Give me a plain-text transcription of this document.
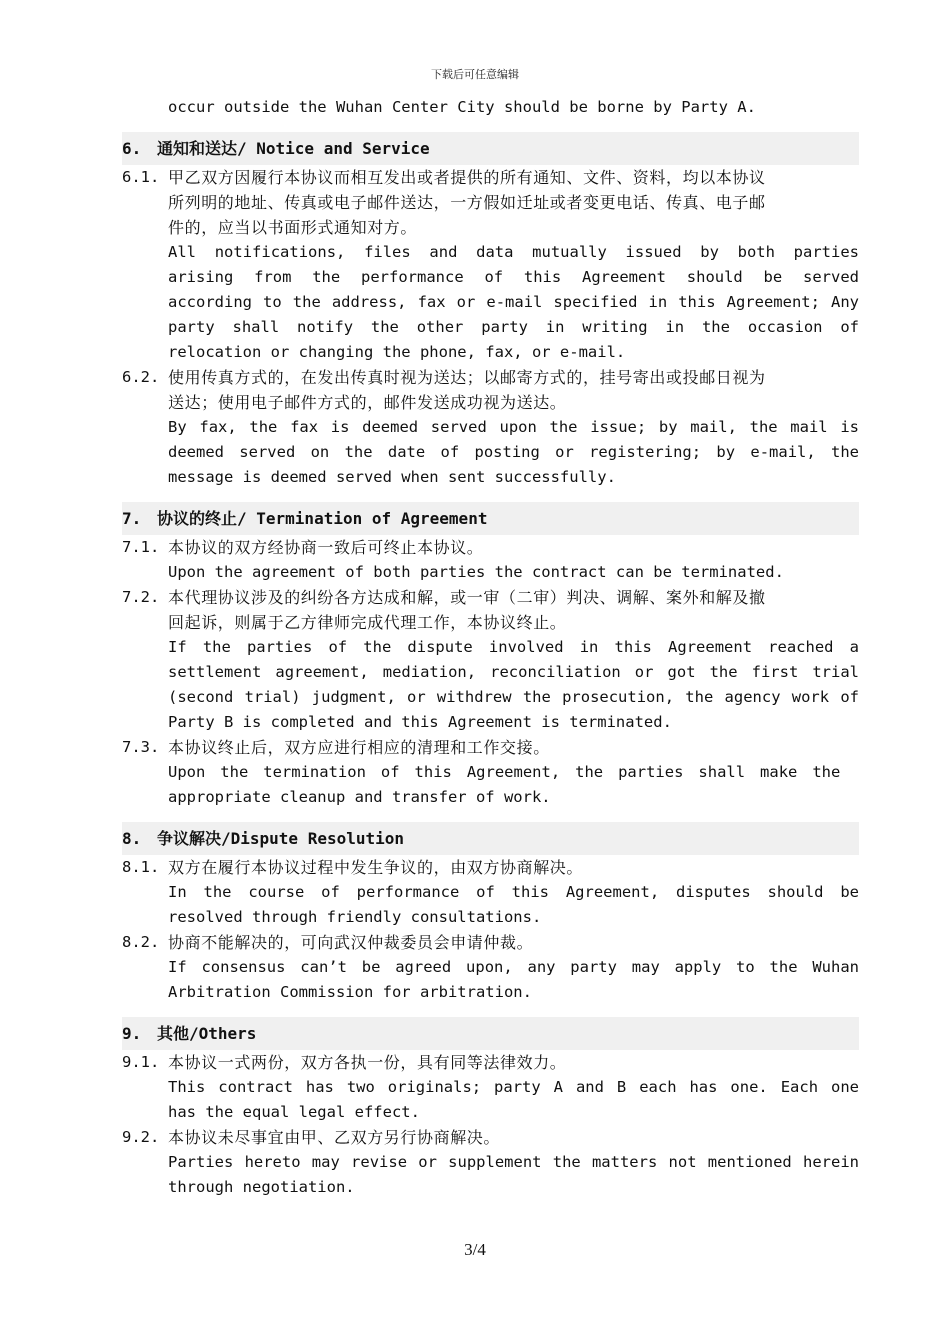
下载后可任意编辑
occur outside the Wuhan Center City should be borne by Party A.
6. 通知和送达/ Notice and Service
6.1. 甲乙双方因履行本协议而相互发出或者提供的所有通知、文件、资料，均以本协议
所列明的地址、传真或电子邮件送达，一方假如迁址或者变更电话、传真、电子邮
件的，应当以书面形式通知对方。
All notifications, files and data mutually issued by both parties
arising from the performance of this Agreement should be served
according to the address, fax or e-mail specified in this Agreement; Any
party shall notify the other party in writing in the occasion of
relocation or changing the phone, fax, or e-mail.
6.2. 使用传真方式的，在发出传真时视为送达；以邮寄方式的，挂号寄出或投邮日视为
送达；使用电子邮件方式的，邮件发送成功视为送达。
By fax, the fax is deemed served upon the issue; by mail, the mail is
deemed served on the date of posting or registering; by e-mail, the
message is deemed served when sent successfully.
7. 协议的终止/ Termination of Agreement
7.1. 本协议的双方经协商一致后可终止本协议。
Upon the agreement of both parties the contract can be terminated.
7.2. 本代理协议涉及的纠纷各方达成和解，或一审（二审）判决、调解、案外和解及撤
回起诉，则属于乙方律师完成代理工作，本协议终止。
If the parties of the dispute involved in this Agreement reached a
settlement agreement, mediation, reconciliation or got the first trial
(second trial) judgment, or withdrew the prosecution, the agency work of
Party B is completed and this Agreement is terminated.
7.3. 本协议终止后，双方应进行相应的清理和工作交接。
Upon the termination of this Agreement, the parties shall make the
appropriate cleanup and transfer of work.
8. 争议解决/Dispute Resolution
8.1. 双方在履行本协议过程中发生争议的，由双方协商解决。
In the course of performance of this Agreement, disputes should be
resolved through friendly consultations.
8.2. 协商不能解决的，可向武汉仲裁委员会申请仲裁。
If consensus can’t be agreed upon, any party may apply to the Wuhan
Arbitration Commission for arbitration.
9. 其他/Others
9.1. 本协议一式两份，双方各执一份，具有同等法律效力。
This contract has two originals; party A and B each has one. Each one
has the equal legal effect.
9.2. 本协议未尽事宜由甲、乙双方另行协商解决。
Parties hereto may revise or supplement the matters not mentioned herein
through negotiation.
3/4
